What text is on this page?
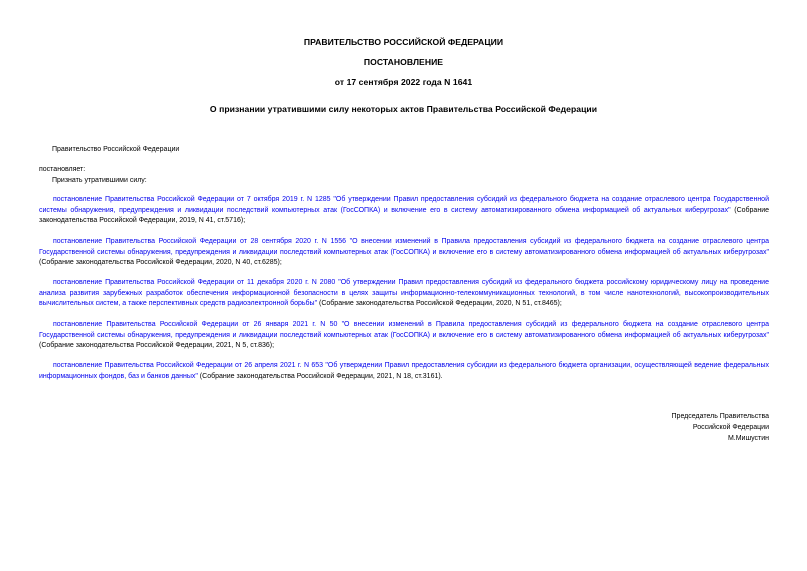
ПРАВИТЕЛЬСТВО РОССИЙСКОЙ ФЕДЕРАЦИИ
ПОСТАНОВЛЕНИЕ
от 17 сентября 2022 года N 1641
О признании утратившими силу некоторых актов Правительства Российской Федерации
Правительство Российской Федерации
постановляет:
Признать утратившими силу:
постановление Правительства Российской Федерации от 7 октября 2019 г. N 1285 "Об утверждении Правил предоставления субсидий из федерального бюджета на создание отраслевого центра Государственной системы обнаружения, предупреждения и ликвидации последствий компьютерных атак (ГосСОПКА) и включение его в систему автоматизированного обмена информацией об актуальных киберугрозах" (Собрание законодательства Российской Федерации, 2019, N 41, ст.5716);
постановление Правительства Российской Федерации от 28 сентября 2020 г. N 1556 "О внесении изменений в Правила предоставления субсидий из федерального бюджета на создание отраслевого центра Государственной системы обнаружения, предупреждения и ликвидации последствий компьютерных атак (ГосСОПКА) и включение его в систему автоматизированного обмена информацией об актуальных киберугрозах" (Собрание законодательства Российской Федерации, 2020, N 40, ст.6285);
постановление Правительства Российской Федерации от 11 декабря 2020 г. N 2080 "Об утверждении Правил предоставления субсидий из федерального бюджета российскому юридическому лицу на проведение анализа развития зарубежных разработок обеспечения информационной безопасности в целях защиты информационно-телекоммуникационных технологий, в том числе нанотехнологий, высокопроизводительных вычислительных систем, а также перспективных средств радиоэлектронной борьбы" (Собрание законодательства Российской Федерации, 2020, N 51, ст.8465);
постановление Правительства Российской Федерации от 26 января 2021 г. N 50 "О внесении изменений в Правила предоставления субсидий из федерального бюджета на создание отраслевого центра Государственной системы обнаружения, предупреждения и ликвидации последствий компьютерных атак (ГосСОПКА) и включение его в систему автоматизированного обмена информацией об актуальных киберугрозах" (Собрание законодательства Российской Федерации, 2021, N 5, ст.836);
постановление Правительства Российской Федерации от 26 апреля 2021 г. N 653 "Об утверждении Правил предоставления субсидии из федерального бюджета организации, осуществляющей ведение федеральных информационных фондов, баз и банков данных" (Собрание законодательства Российской Федерации, 2021, N 18, ст.3161).
Председатель Правительства
Российской Федерации
М.Мишустин
